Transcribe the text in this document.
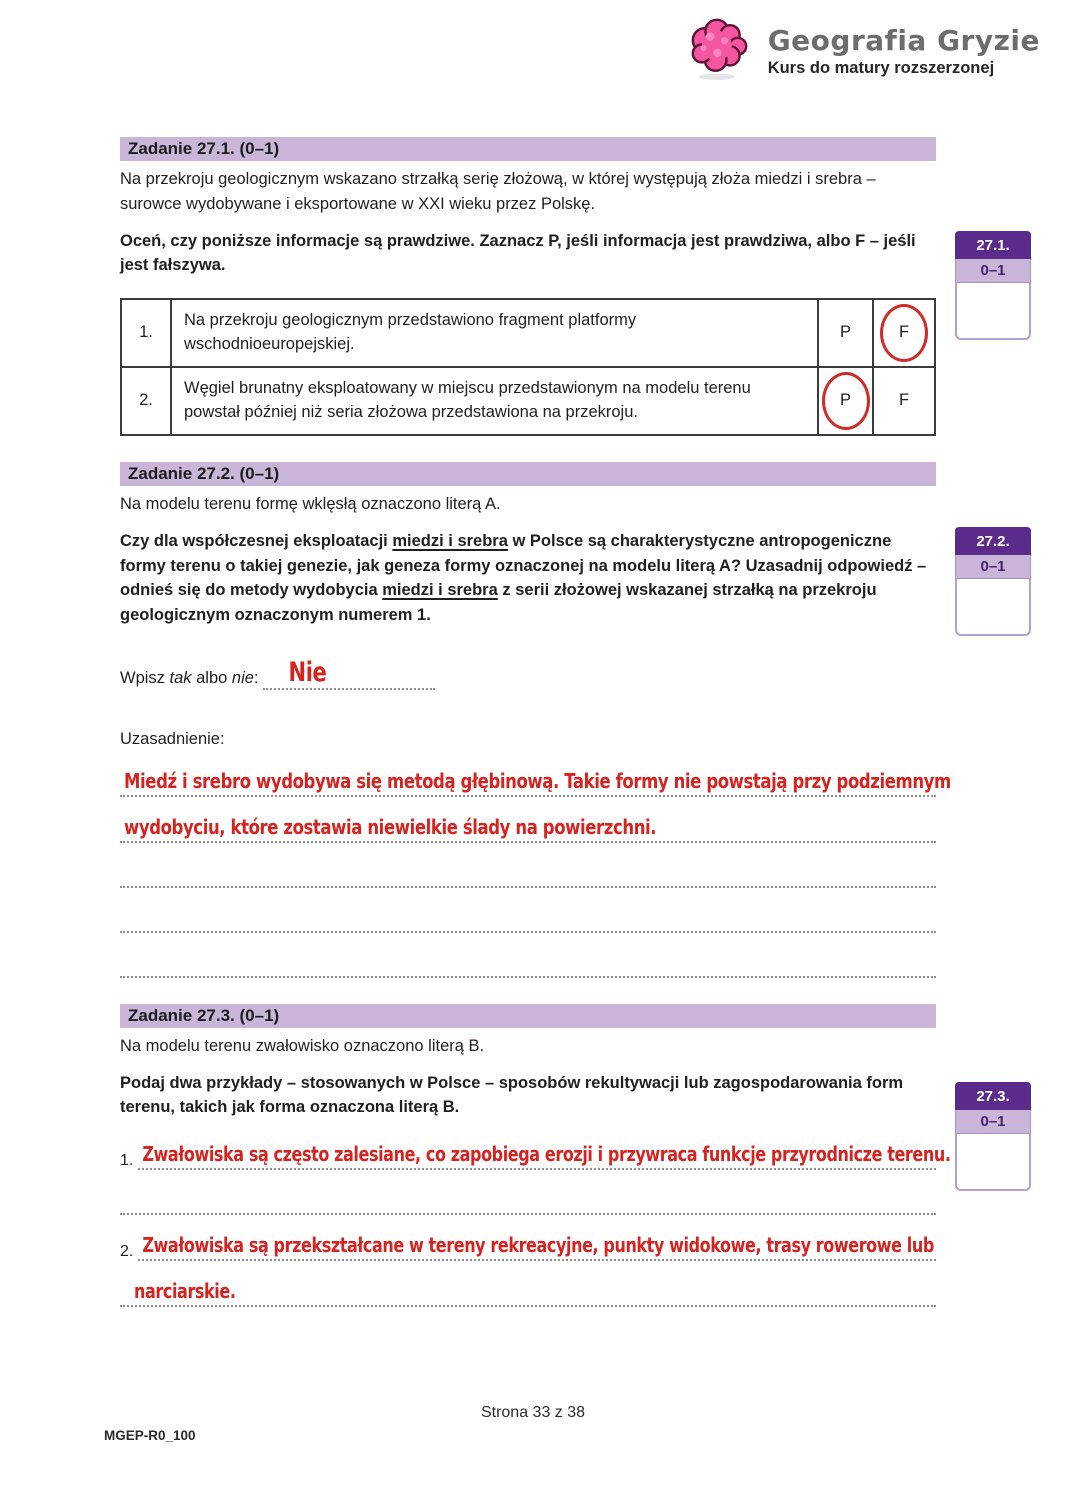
Geografia Gryzie
Kurs do matury rozszerzonej
Zadanie 27.1. (0–1)

Na przekroju geologicznym wskazano strzałką serię złożową, w której występują złoża miedzi i srebra – surowce wydobywane i eksportowane w XXI wieku przez Polskę.

Oceń, czy poniższe informacje są prawdziwe. Zaznacz P, jeśli informacja jest prawdziwa, albo F – jeśli jest fałszywa.

1.	Na przekroju geologicznym przedstawiono fragment platformy wschodnioeuropejskiej.	P	F
2.	Węgiel brunatny eksploatowany w miejscu przedstawionym na modelu terenu powstał później niż seria złożowa przedstawiona na przekroju.	P	F
Zadanie 27.2. (0–1)

Na modelu terenu formę wklęsłą oznaczono literą A.

Czy dla współczesnej eksploatacji miedzi i srebra w Polsce są charakterystyczne antropogeniczne formy terenu o takiej genezie, jak geneza formy oznaczonej na modelu literą A? Uzasadnij odpowiedź – odnieś się do metody wydobycia miedzi i srebra z serii złożowej wskazanej strzałką na przekroju geologicznym oznaczonym numerem 1.

Wpisz tak albo nie: Nie

Uzasadnienie:

Miedź i srebro wydobywa się metodą głębinową. Takie formy nie powstają przy podziemnym
wydobyciu, które zostawia niewielkie ślady na powierzchni.
Zadanie 27.3. (0–1)

Na modelu terenu zwałowisko oznaczono literą B.

Podaj dwa przykłady – stosowanych w Polsce – sposobów rekultywacji lub zagospodarowania form terenu, takich jak forma oznaczona literą B.

1. Zwałowiska są często zalesiane, co zapobiega erozji i przywraca funkcje przyrodnicze terenu.
2. Zwałowiska są przekształcane w tereny rekreacyjne, punkty widokowe, trasy rowerowe lub
narciarskie.
27.1.
0–1
27.2.
0–1
27.3.
0–1
Strona 33 z 38
MGEP-R0_100
